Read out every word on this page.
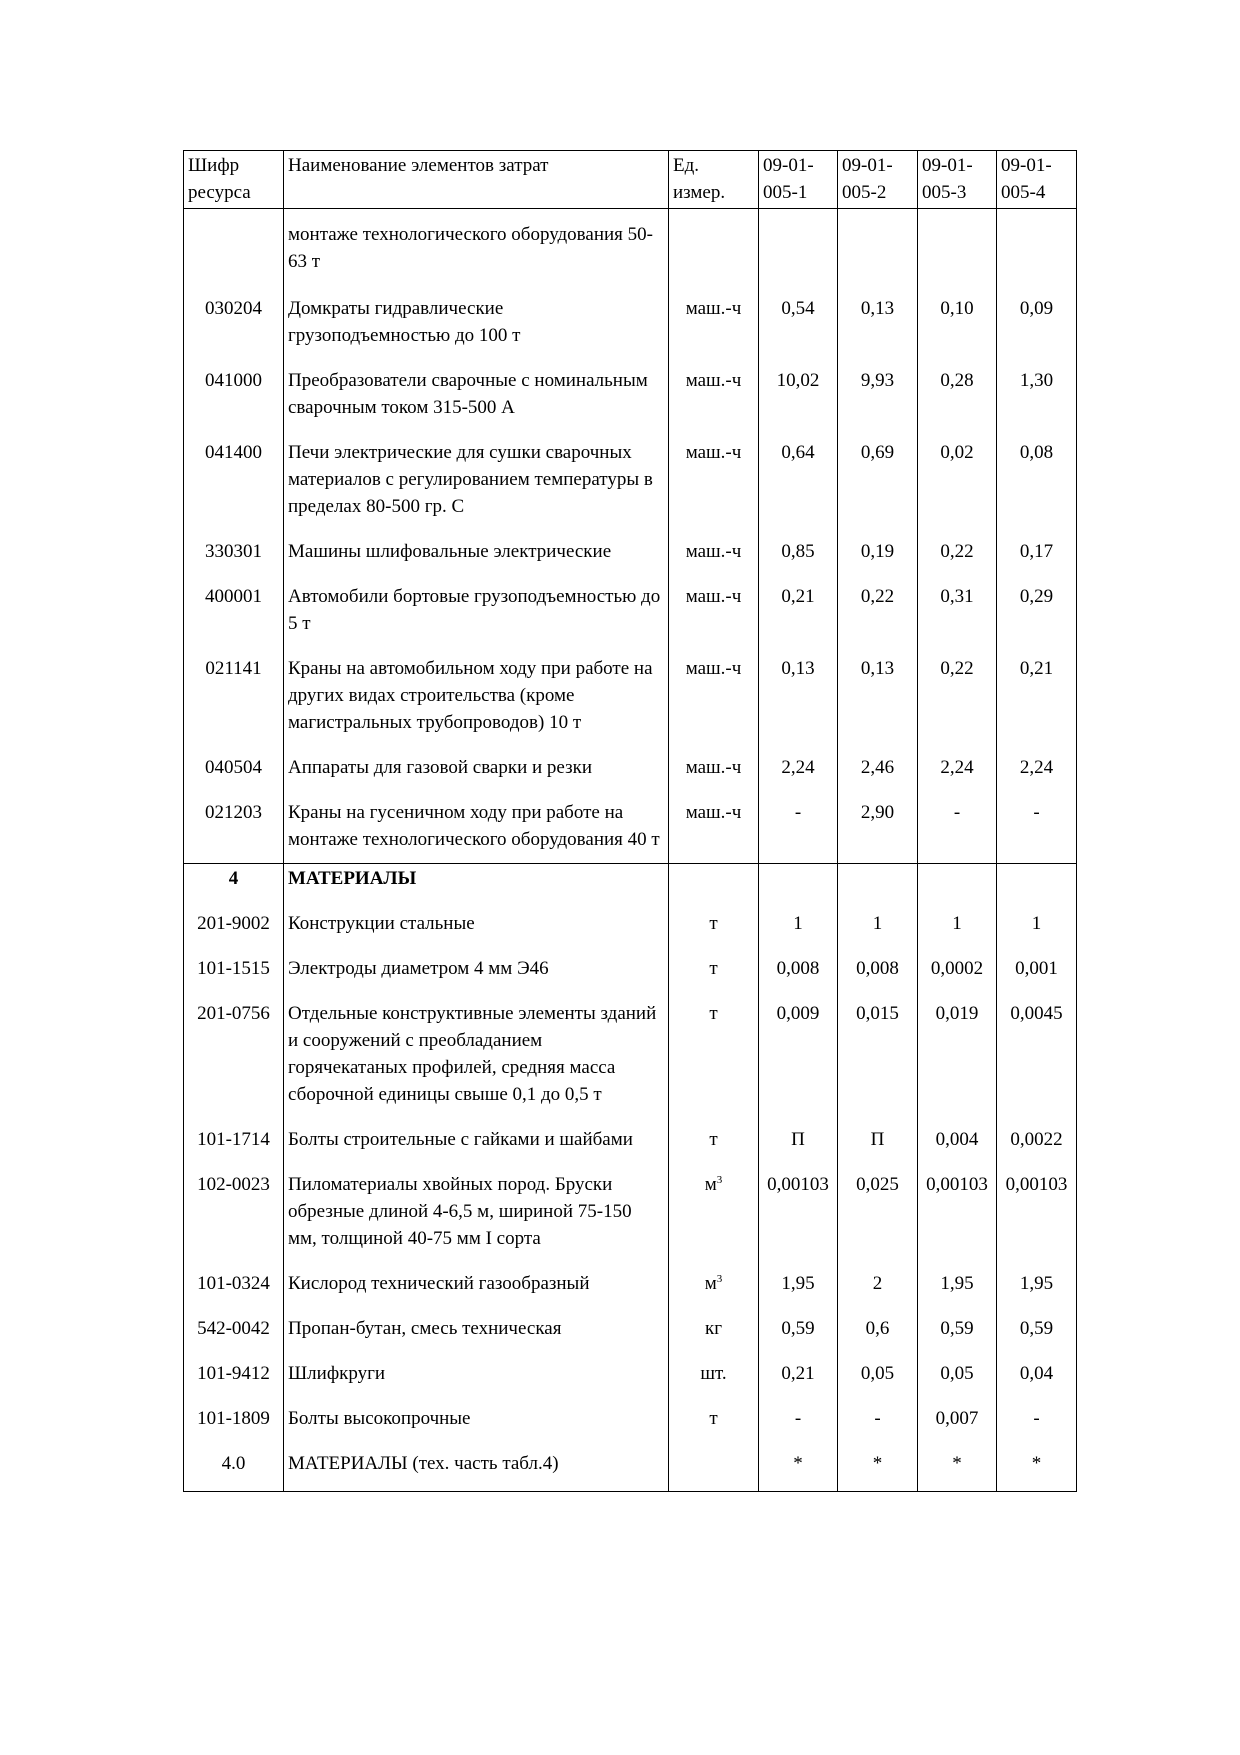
Шифр ресурса	Наименование элементов затрат	Ед. измер.	09-01-005-1	09-01-005-2	09-01-005-3	09-01-005-4
	монтаже технологического оборудования 50-63 т					
030204	Домкраты гидравлические грузоподъемностью до 100 т	маш.-ч	0,54	0,13	0,10	0,09
041000	Преобразователи сварочные с номинальным сварочным током 315-500 А	маш.-ч	10,02	9,93	0,28	1,30
041400	Печи электрические для сушки сварочных материалов с регулированием температуры в пределах 80-500 гр. С	маш.-ч	0,64	0,69	0,02	0,08
330301	Машины шлифовальные электрические	маш.-ч	0,85	0,19	0,22	0,17
400001	Автомобили бортовые грузоподъемностью до 5 т	маш.-ч	0,21	0,22	0,31	0,29
021141	Краны на автомобильном ходу при работе на других видах строительства (кроме магистральных трубопроводов) 10 т	маш.-ч	0,13	0,13	0,22	0,21
040504	Аппараты для газовой сварки и резки	маш.-ч	2,24	2,46	2,24	2,24
021203	Краны на гусеничном ходу при работе на монтаже технологического оборудования 40 т	маш.-ч	-	2,90	-	-
4	МАТЕРИАЛЫ					
201-9002	Конструкции стальные	т	1	1	1	1
101-1515	Электроды диаметром 4 мм Э46	т	0,008	0,008	0,0002	0,001
201-0756	Отдельные конструктивные элементы зданий и сооружений с преобладанием горячекатаных профилей, средняя масса сборочной единицы свыше 0,1 до 0,5 т	т	0,009	0,015	0,019	0,0045
101-1714	Болты строительные с гайками и шайбами	т	П	П	0,004	0,0022
102-0023	Пиломатериалы хвойных пород. Бруски обрезные длиной 4-6,5 м, шириной 75-150 мм, толщиной 40-75 мм I сорта	$м^3$	0,00103	0,025	0,00103	0,00103
101-0324	Кислород технический газообразный	$м^3$	1,95	2	1,95	1,95
542-0042	Пропан-бутан, смесь техническая	кг	0,59	0,6	0,59	0,59
101-9412	Шлифкруги	шт.	0,21	0,05	0,05	0,04
101-1809	Болты высокопрочные	т	-	-	0,007	-
4.0	МАТЕРИАЛЫ (тех. часть табл.4)		*	*	*	*
